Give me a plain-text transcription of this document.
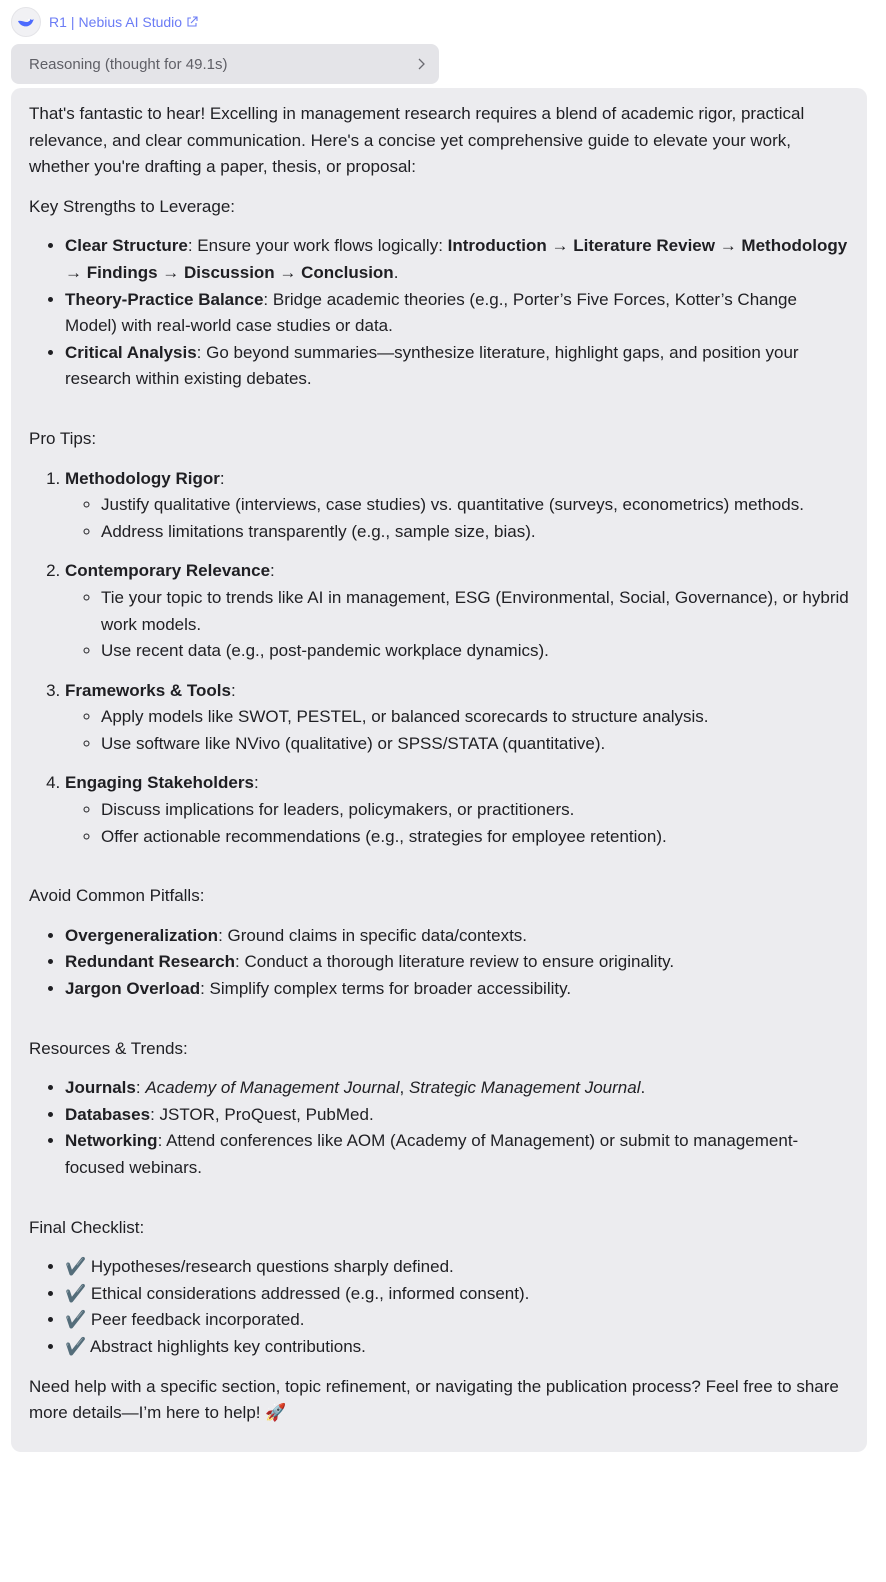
R1 | Nebius AI Studio
Reasoning (thought for 49.1s)

That's fantastic to hear! Excelling in management research requires a blend of academic rigor, practical relevance, and clear communication. Here's a concise yet comprehensive guide to elevate your work, whether you're drafting a paper, thesis, or proposal:

Key Strengths to Leverage:

• Clear Structure: Ensure your work flows logically: Introduction → Literature Review → Methodology → Findings → Discussion → Conclusion.
• Theory-Practice Balance: Bridge academic theories (e.g., Porter’s Five Forces, Kotter’s Change Model) with real-world case studies or data.
• Critical Analysis: Go beyond summaries—synthesize literature, highlight gaps, and position your research within existing debates.

Pro Tips:

1. Methodology Rigor:
◦ Justify qualitative (interviews, case studies) vs. quantitative (surveys, econometrics) methods.
◦ Address limitations transparently (e.g., sample size, bias).
2. Contemporary Relevance:
◦ Tie your topic to trends like AI in management, ESG (Environmental, Social, Governance), or hybrid work models.
◦ Use recent data (e.g., post-pandemic workplace dynamics).
3. Frameworks & Tools:
◦ Apply models like SWOT, PESTEL, or balanced scorecards to structure analysis.
◦ Use software like NVivo (qualitative) or SPSS/STATA (quantitative).
4. Engaging Stakeholders:
◦ Discuss implications for leaders, policymakers, or practitioners.
◦ Offer actionable recommendations (e.g., strategies for employee retention).

Avoid Common Pitfalls:

• Overgeneralization: Ground claims in specific data/contexts.
• Redundant Research: Conduct a thorough literature review to ensure originality.
• Jargon Overload: Simplify complex terms for broader accessibility.

Resources & Trends:

• Journals: Academy of Management Journal, Strategic Management Journal.
• Databases: JSTOR, ProQuest, PubMed.
• Networking: Attend conferences like AOM (Academy of Management) or submit to management-focused webinars.

Final Checklist:

• ✔️ Hypotheses/research questions sharply defined.
• ✔️ Ethical considerations addressed (e.g., informed consent).
• ✔️ Peer feedback incorporated.
• ✔️ Abstract highlights key contributions.

Need help with a specific section, topic refinement, or navigating the publication process? Feel free to share more details—I’m here to help! 🚀
